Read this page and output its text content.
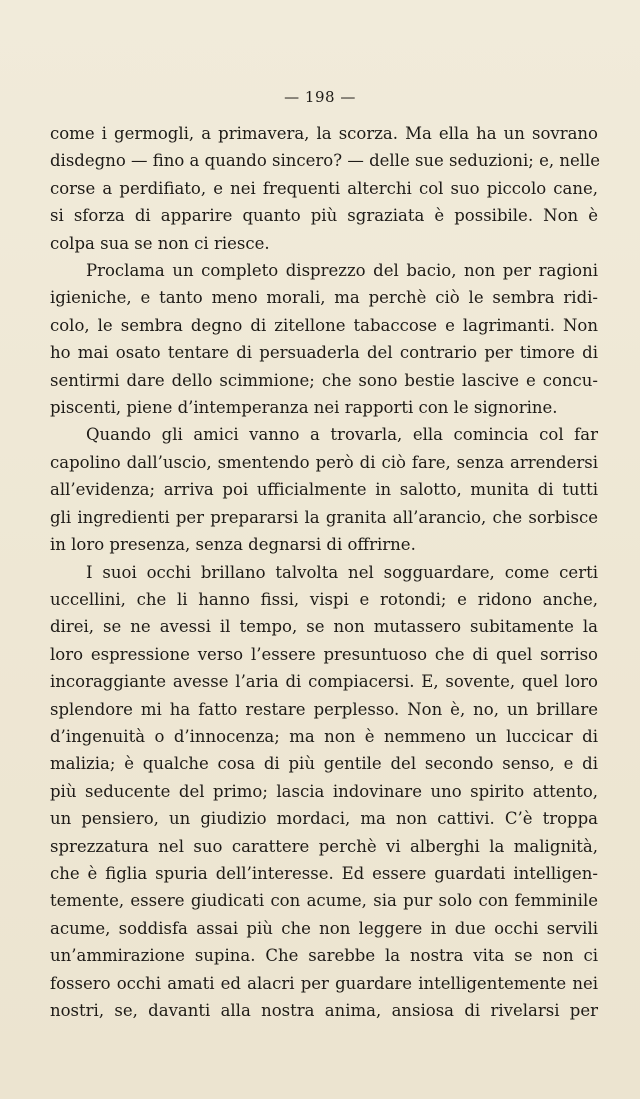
— 198 —
come i germogli, a primavera, la scorza. Ma ella ha un sovrano
disdegno — fino a quando sincero? — delle sue seduzioni; e, nelle
corse a perdifiato, e nei frequenti alterchi col suo piccolo cane,
si sforza di apparire quanto più sgraziata è possibile. Non è
colpa sua se non ci riesce.
Proclama un completo disprezzo del bacio, non per ragioni
igieniche, e tanto meno morali, ma perchè ciò le sembra ridi-
colo, le sembra degno di zitellone tabaccose e lagrimanti. Non
ho mai osato tentare di persuaderla del contrario per timore di
sentirmi dare dello scimmione; che sono bestie lascive e concu-
piscenti, piene d’intemperanza nei rapporti con le signorine.
Quando gli amici vanno a trovarla, ella comincia col far
capolino dall’uscio, smentendo però di ciò fare, senza arrendersi
all’evidenza; arriva poi ufficialmente in salotto, munita di tutti
gli ingredienti per prepararsi la granita all’arancio, che sorbisce
in loro presenza, senza degnarsi di offrirne.
I suoi occhi brillano talvolta nel sogguardare, come certi
uccellini, che li hanno fissi, vispi e rotondi; e ridono anche,
direi, se ne avessi il tempo, se non mutassero subitamente la
loro espressione verso l’essere presuntuoso che di quel sorriso
incoraggiante avesse l’aria di compiacersi. E, sovente, quel loro
splendore mi ha fatto restare perplesso. Non è, no, un brillare
d’ingenuità o d’innocenza; ma non è nemmeno un luccicar di
malizia; è qualche cosa di più gentile del secondo senso, e di
più seducente del primo; lascia indovinare uno spirito attento,
un pensiero, un giudizio mordaci, ma non cattivi. C’è troppa
sprezzatura nel suo carattere perchè vi alberghi la malignità,
che è figlia spuria dell’interesse. Ed essere guardati intelligen-
temente, essere giudicati con acume, sia pur solo con femminile
acume, soddisfa assai più che non leggere in due occhi servili
un’ammirazione supina. Che sarebbe la nostra vita se non ci
fossero occhi amati ed alacri per guardare intelligentemente nei
nostri, se, davanti alla nostra anima, ansiosa di rivelarsi per
